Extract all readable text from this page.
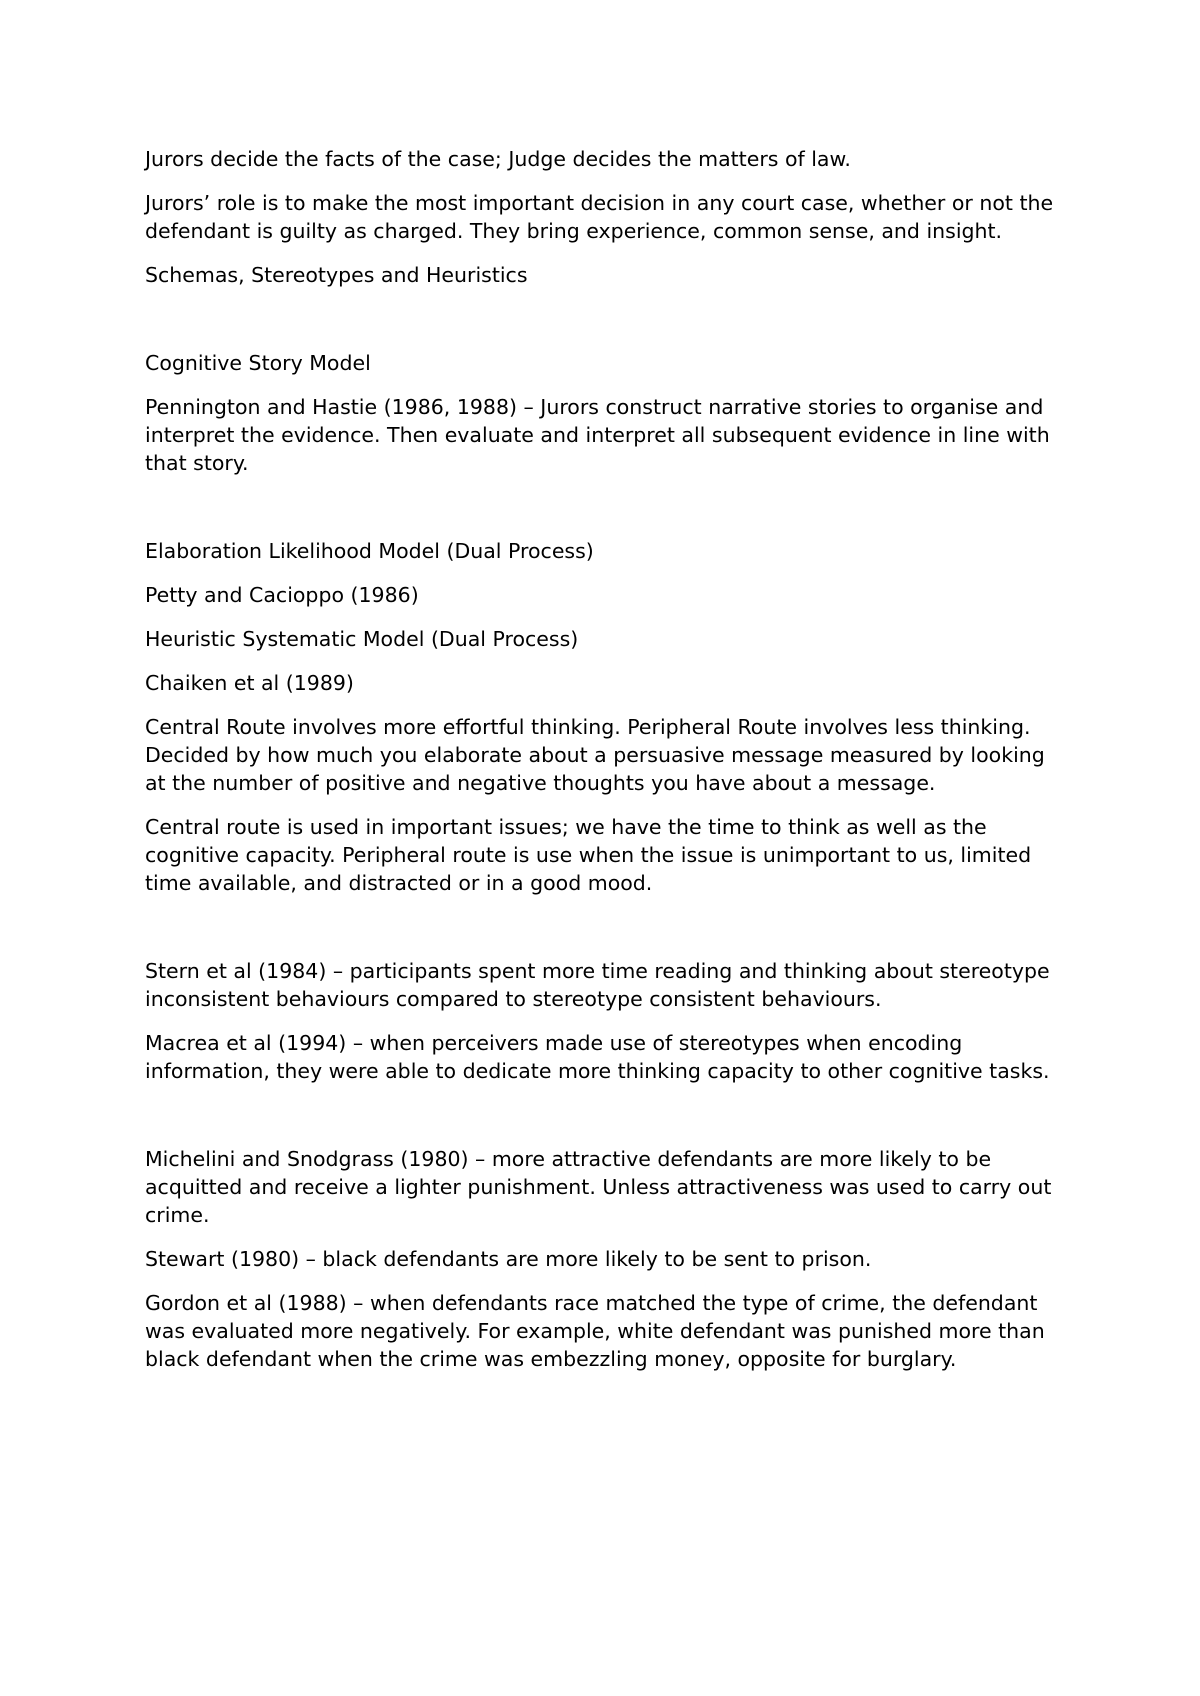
Jurors decide the facts of the case; Judge decides the matters of law.

Jurors’ role is to make the most important decision in any court case, whether or not the defendant is guilty as charged. They bring experience, common sense, and insight.

Schemas, Stereotypes and Heuristics

Cognitive Story Model

Pennington and Hastie (1986, 1988) – Jurors construct narrative stories to organise and interpret the evidence. Then evaluate and interpret all subsequent evidence in line with that story.

Elaboration Likelihood Model (Dual Process)

Petty and Cacioppo (1986)

Heuristic Systematic Model (Dual Process)

Chaiken et al (1989)

Central Route involves more effortful thinking. Peripheral Route involves less thinking. Decided by how much you elaborate about a persuasive message measured by looking at the number of positive and negative thoughts you have about a message.

Central route is used in important issues; we have the time to think as well as the cognitive capacity. Peripheral route is use when the issue is unimportant to us, limited time available, and distracted or in a good mood.

Stern et al (1984) – participants spent more time reading and thinking about stereotype inconsistent behaviours compared to stereotype consistent behaviours.

Macrea et al (1994) – when perceivers made use of stereotypes when encoding information, they were able to dedicate more thinking capacity to other cognitive tasks.

Michelini and Snodgrass (1980) – more attractive defendants are more likely to be acquitted and receive a lighter punishment. Unless attractiveness was used to carry out crime.

Stewart (1980) – black defendants are more likely to be sent to prison.

Gordon et al (1988) – when defendants race matched the type of crime, the defendant was evaluated more negatively. For example, white defendant was punished more than black defendant when the crime was embezzling money, opposite for burglary.
